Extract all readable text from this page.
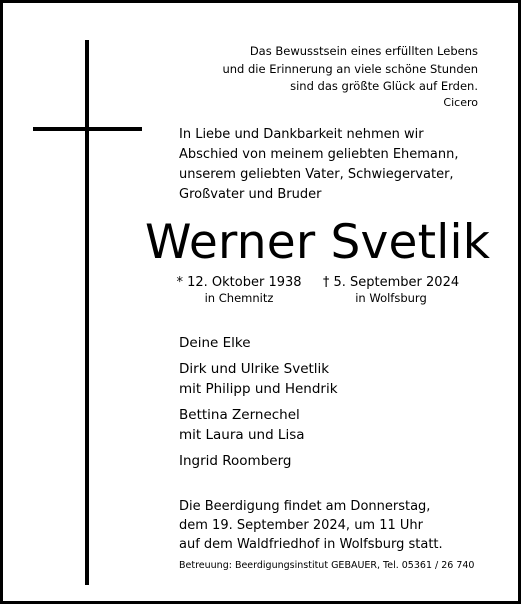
Das Bewusstsein eines erfüllten Lebens
und die Erinnerung an viele schöne Stunden
sind das größte Glück auf Erden.
Cicero
In Liebe und Dankbarkeit nehmen wir
Abschied von meinem geliebten Ehemann,
unserem geliebten Vater, Schwiegervater,
Großvater und Bruder
Werner Svetlik
* 12. Oktober 1938
in Chemnitz
† 5. September 2024
in Wolfsburg
Deine Elke
Dirk und Ulrike Svetlik
mit Philipp und Hendrik
Bettina Zernechel
mit Laura und Lisa
Ingrid Roomberg
Die Beerdigung findet am Donnerstag,
dem 19. September 2024, um 11 Uhr
auf dem Waldfriedhof in Wolfsburg statt.
Betreuung: Beerdigungsinstitut GEBAUER, Tel. 05361 / 26 740
